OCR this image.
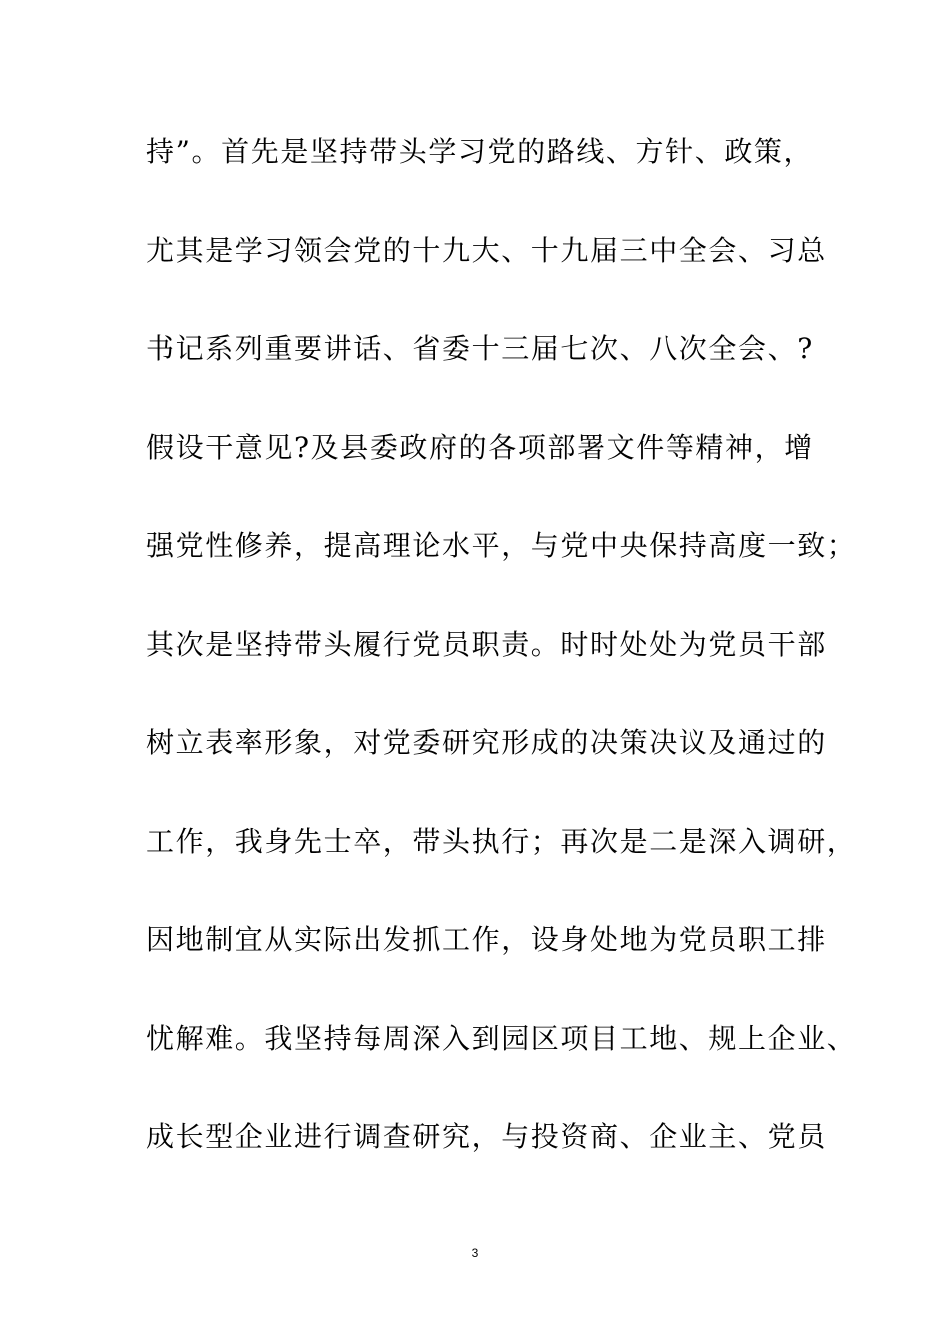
持”。首先是坚持带头学习党的路线、方针、政策，
尤其是学习领会党的十九大、十九届三中全会、习总
书记系列重要讲话、省委十三届七次、八次全会、?
假设干意见?及县委政府的各项部署文件等精神，增
强党性修养，提高理论水平，与党中央保持高度一致；
其次是坚持带头履行党员职责。时时处处为党员干部
树立表率形象，对党委研究形成的决策决议及通过的
工作，我身先士卒，带头执行；再次是二是深入调研，
因地制宜从实际出发抓工作，设身处地为党员职工排
忧解难。我坚持每周深入到园区项目工地、规上企业、
成长型企业进行调查研究，与投资商、企业主、党员
3
